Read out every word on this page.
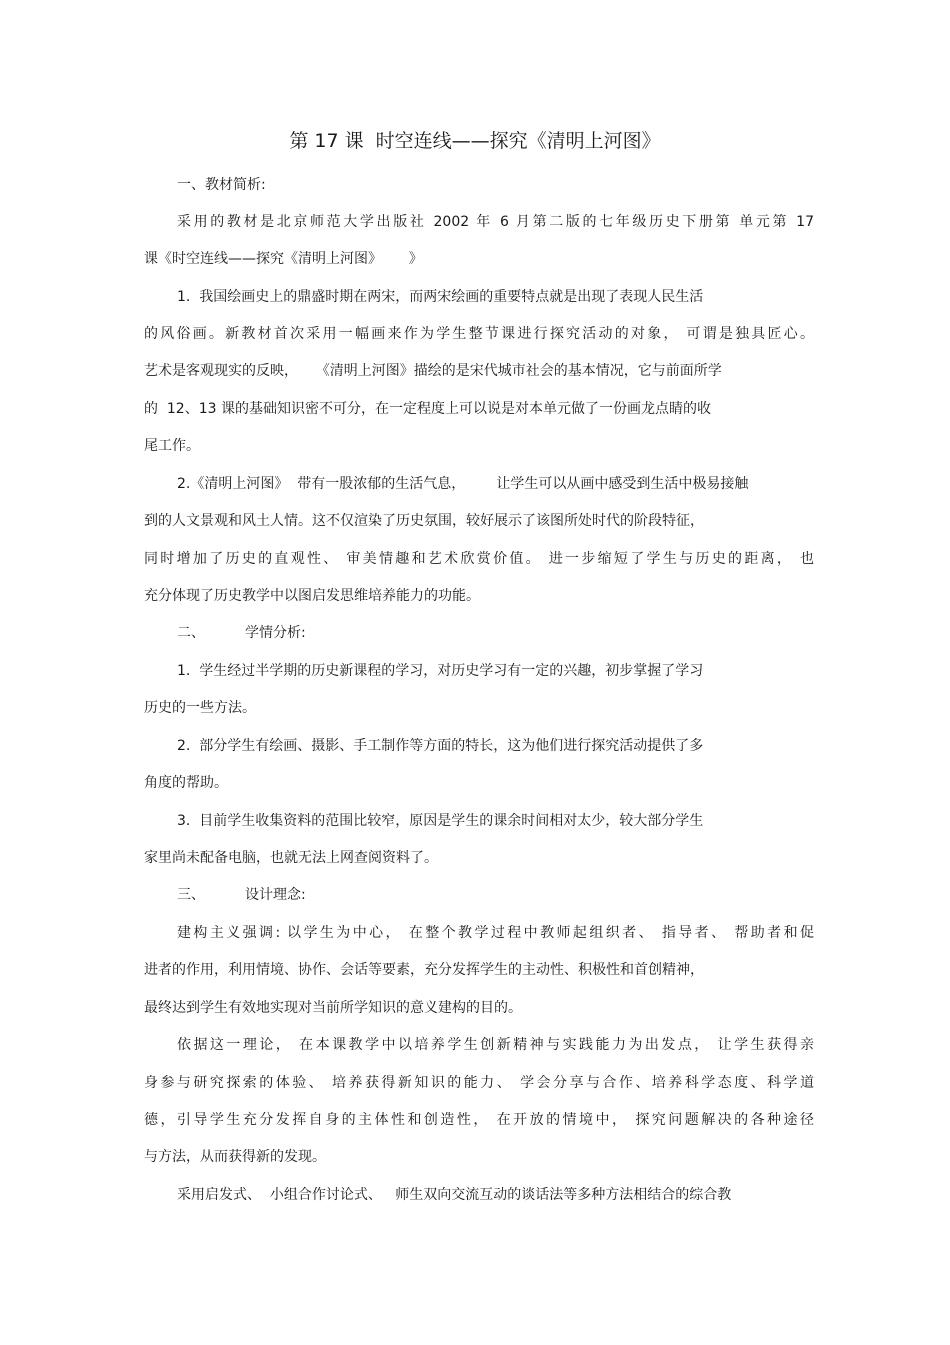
第 17 课  时空连线——探究《清明上河图》
一、教材简析:
采用的教材是北京师范大学出版社 2002 年 6 月第二版的七年级历史下册第 单元第 17
课《时空连线——探究《清明上河图》      》
1.  我国绘画史上的鼎盛时期在两宋，而两宋绘画的重要特点就是出现了表现人民生活
的风俗画。新教材首次采用一幅画来作为学生整节课进行探究活动的对象， 可谓是独具匠心。
艺术是客观现实的反映，    《清明上河图》描绘的是宋代城市社会的基本情况，它与前面所学
的  12、13 课的基础知识密不可分，在一定程度上可以说是对本单元做了一份画龙点睛的收
尾工作。
2.《清明上河图》  带有一股浓郁的生活气息，       让学生可以从画中感受到生活中极易接触
到的人文景观和风土人情。这不仅渲染了历史氛围，较好展示了该图所处时代的阶段特征，
同时增加了历史的直观性、 审美情趣和艺术欣赏价值。 进一步缩短了学生与历史的距离， 也
充分体现了历史教学中以图启发思维培养能力的功能。
二、         学情分析:
1.  学生经过半学期的历史新课程的学习，对历史学习有一定的兴趣，初步掌握了学习
历史的一些方法。
2.  部分学生有绘画、摄影、手工制作等方面的特长，这为他们进行探究活动提供了多
角度的帮助。
3.  目前学生收集资料的范围比较窄，原因是学生的课余时间相对太少，较大部分学生
家里尚未配备电脑，也就无法上网查阅资料了。
三、         设计理念:
建构主义强调: 以学生为中心， 在整个教学过程中教师起组织者、 指导者、 帮助者和促
进者的作用，利用情境、协作、会话等要素，充分发挥学生的主动性、积极性和首创精神，
最终达到学生有效地实现对当前所学知识的意义建构的目的。
依据这一理论， 在本课教学中以培养学生创新精神与实践能力为出发点， 让学生获得亲
身参与研究探索的体验、 培养获得新知识的能力、 学会分享与合作、培养科学态度、科学道
德，引导学生充分发挥自身的主体性和创造性， 在开放的情境中， 探究问题解决的各种途径
与方法，从而获得新的发现。
采用启发式、  小组合作讨论式、   师生双向交流互动的谈话法等多种方法相结合的综合教
